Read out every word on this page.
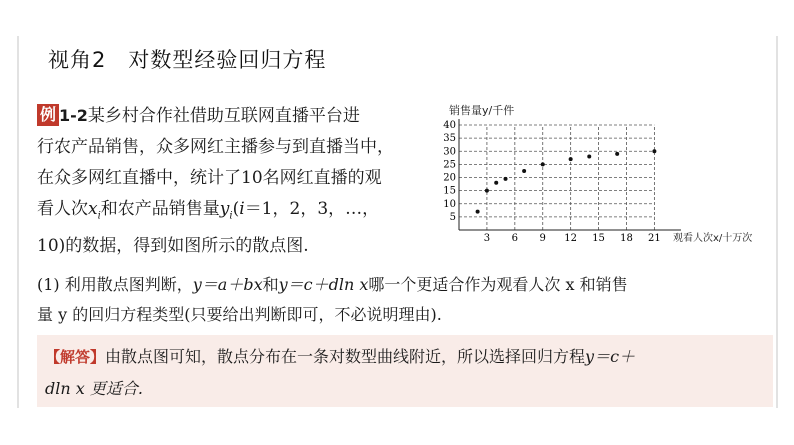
视角2 对数型经验回归方程
例 1-2某乡村合作社借助互联网直播平台进
行农产品销售，众多网红主播参与到直播当中，
在众多网红直播中，统计了10名网红直播的观
看人次$x_i$和农产品销售量$y_i(i=1$，2，3，…，
10)的数据，得到如图所示的散点图.	3 6 9 12 15 18 21
5
10
15
20
25
30
35
40
销售量y/千件
观看人次x/十万次
(1) 利用散点图判断，y＝a＋bx和y＝c＋dln x哪一个更适合作为观看人次 x 和销售
量 y 的回归方程类型(只要给出判断即可，不必说明理由).
【解答】由散点图可知，散点分布在一条对数型曲线附近，所以选择回归方程y＝c＋
dln x 更适合.
